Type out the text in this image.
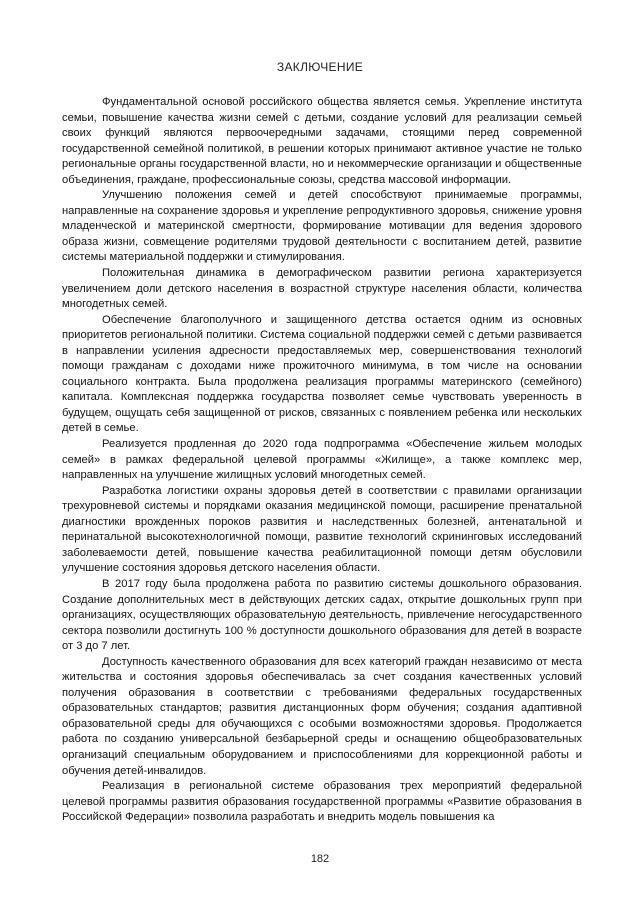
ЗАКЛЮЧЕНИЕ

Фундаментальной основой российского общества является семья. Укрепление института семьи, повышение качества жизни семей с детьми, создание условий для реализации семьей своих функций являются первоочередными задачами, стоящими перед современной государственной семейной политикой, в решении которых принимают активное участие не только региональные органы государственной власти, но и некоммерческие организации и общественные объединения, граждане, профессиональные союзы, средства массовой информации.

Улучшению положения семей и детей способствуют принимаемые программы, направленные на сохранение здоровья и укрепление репродуктивного здоровья, снижение уровня младенческой и материнской смертности, формирование мотивации для ведения здорового образа жизни, совмещение родителями трудовой деятельности с воспитанием детей, развитие системы материальной поддержки и стимулирования.

Положительная динамика в демографическом развитии региона характеризуется увеличением доли детского населения в возрастной структуре населения области, количества многодетных семей.

Обеспечение благополучного и защищенного детства остается одним из основных приоритетов региональной политики. Система социальной поддержки семей с детьми развивается в направлении усиления адресности предоставляемых мер, совершенствования технологий помощи гражданам с доходами ниже прожиточного минимума, в том числе на основании социального контракта. Была продолжена реализация программы материнского (семейного) капитала. Комплексная поддержка государства позволяет семье чувствовать уверенность в будущем, ощущать себя защищенной от рисков, связанных с появлением ребенка или нескольких детей в семье.

Реализуется продленная до 2020 года подпрограмма «Обеспечение жильем молодых семей» в рамках федеральной целевой программы «Жилище», а также комплекс мер, направленных на улучшение жилищных условий многодетных семей.

Разработка логистики охраны здоровья детей в соответствии с правилами организации трехуровневой системы и порядками оказания медицинской помощи, расширение пренатальной диагностики врожденных пороков развития и наследственных болезней, антенатальной и перинатальной высокотехнологичной помощи, развитие технологий скрининговых исследований заболеваемости детей, повышение качества реабилитационной помощи детям обусловили улучшение состояния здоровья детского населения области.

В 2017 году была продолжена работа по развитию системы дошкольного образования. Создание дополнительных мест в действующих детских садах, открытие дошкольных групп при организациях, осуществляющих образовательную деятельность, привлечение негосударственного сектора позволили достигнуть 100 % доступности дошкольного образования для детей в возрасте от 3 до 7 лет.

Доступность качественного образования для всех категорий граждан независимо от места жительства и состояния здоровья обеспечивалась за счет создания качественных условий получения образования в соответствии с требованиями федеральных государственных образовательных стандартов; развития дистанционных форм обучения; создания адаптивной образовательной среды для обучающихся с особыми возможностями здоровья. Продолжается работа по созданию универсальной безбарьерной среды и оснащению общеобразовательных организаций специальным оборудованием и приспособлениями для коррекционной работы и обучения детей-инвалидов.

Реализация в региональной системе образования трех мероприятий федеральной целевой программы развития образования государственной программы «Развитие образования в Российской Федерации» позволила разработать и внедрить модель повышения ка

182
